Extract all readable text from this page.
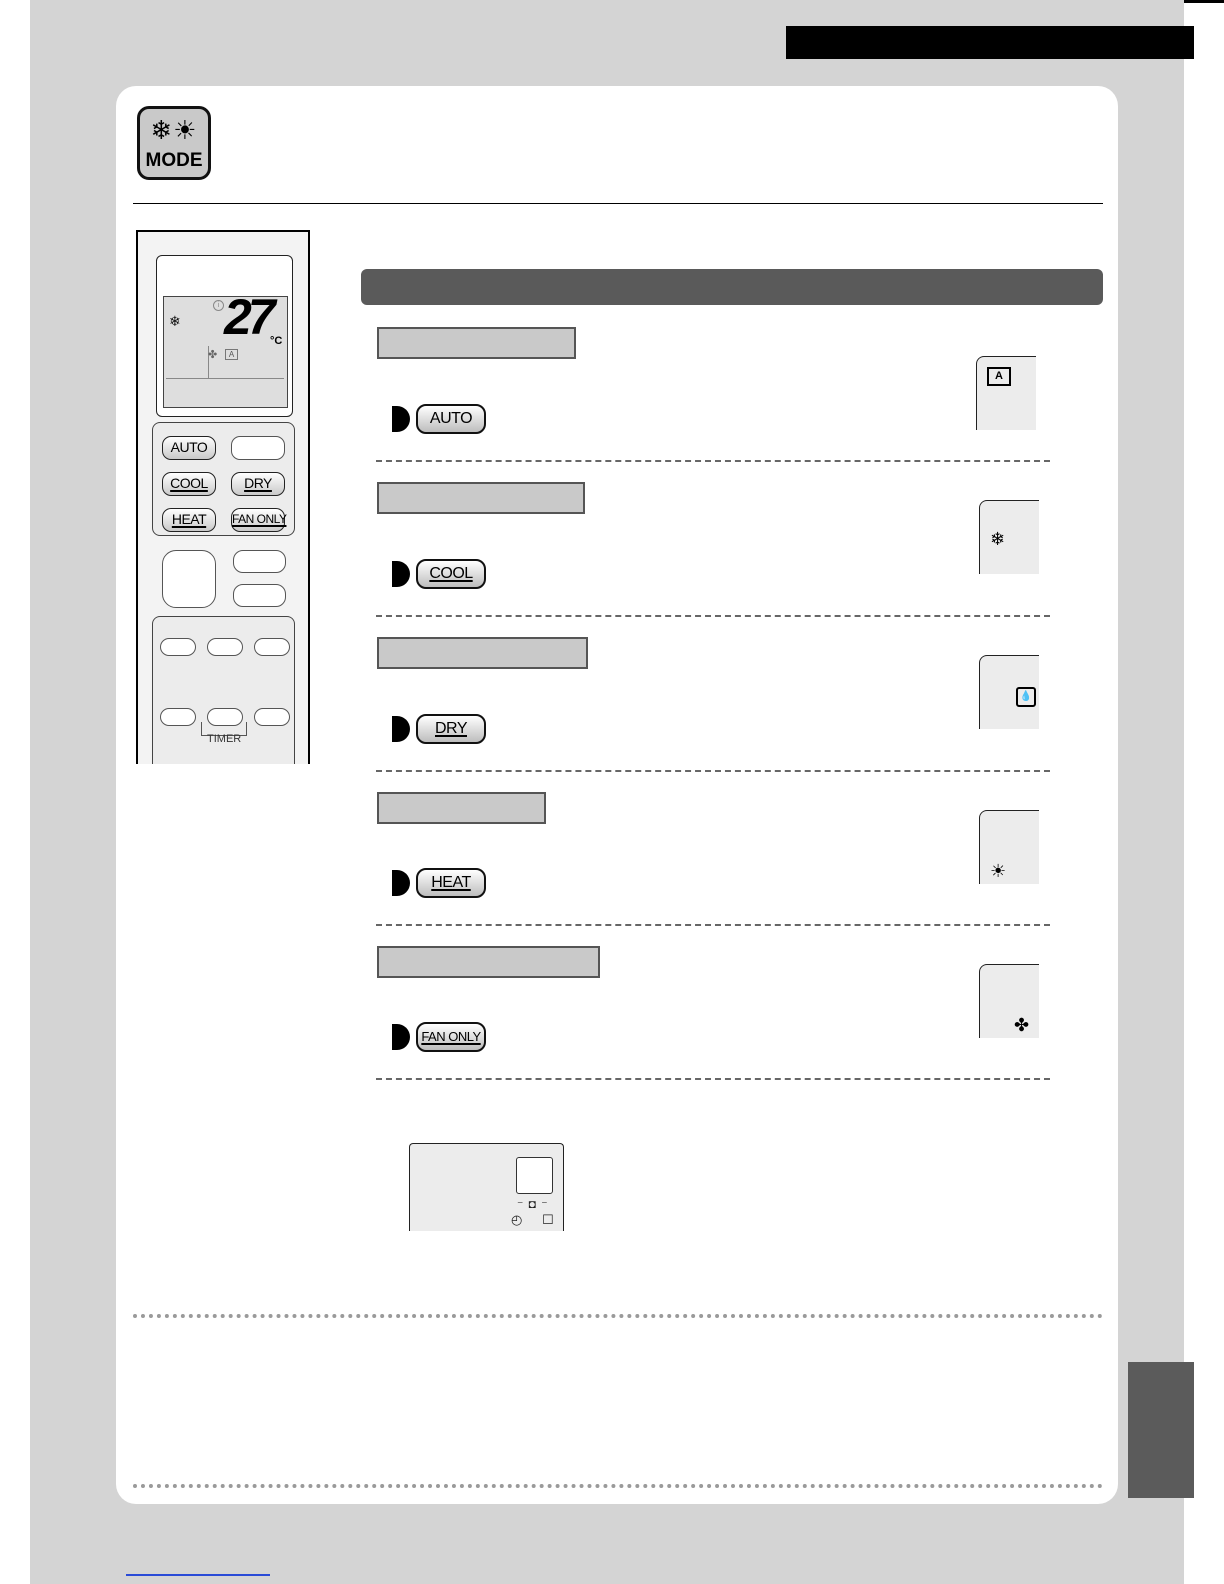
❄☀
MODE
i
❄ 27
°C
✤	A
AUTO
COOL	DRY
HEAT	FAN ONLY
TIMER
AUTO
A
COOL
❄
DRY
💧
HEAT
☀
FAN ONLY
✤
⁻ ◘ ⁻
◴ ☐
